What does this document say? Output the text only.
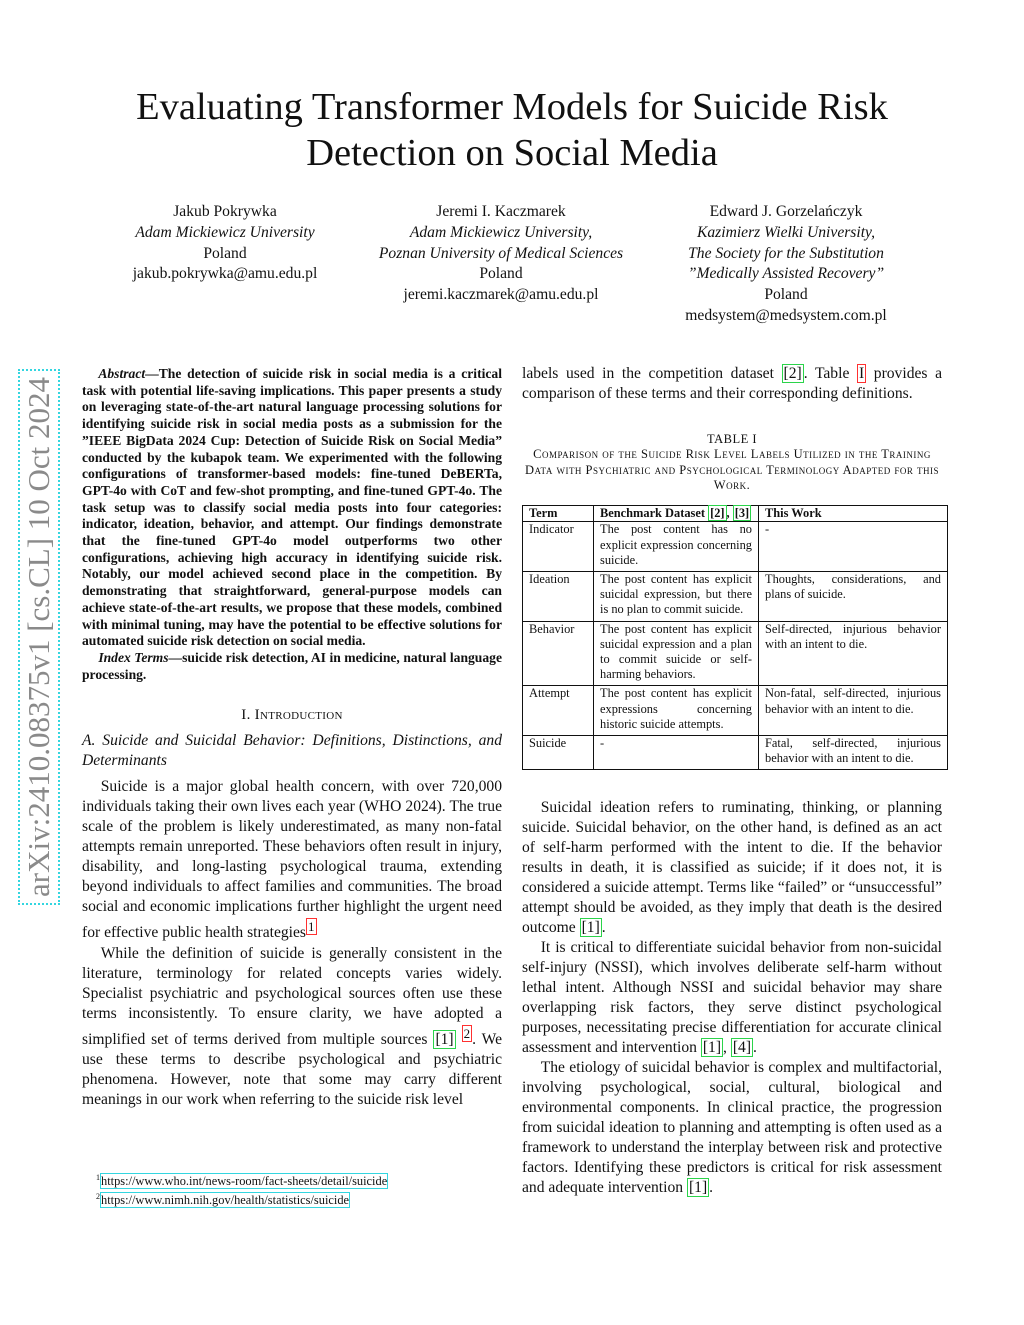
arXiv:2410.08375v1 [cs.CL] 10 Oct 2024
Evaluating Transformer Models for Suicide Risk Detection on Social Media
Jakub Pokrywka
Adam Mickiewicz University
Poland
jakub.pokrywka@amu.edu.pl
Jeremi I. Kaczmarek
Adam Mickiewicz University,
Poznan University of Medical Sciences
Poland
jeremi.kaczmarek@amu.edu.pl
Edward J. Gorzelańczyk
Kazimierz Wielki University,
The Society for the Substitution
”Medically Assisted Recovery”
Poland
medsystem@medsystem.com.pl

Abstract—The detection of suicide risk in social media is a critical task with potential life-saving implications. This paper presents a study on leveraging state-of-the-art natural language processing solutions for identifying suicide risk in social media posts as a submission for the ”IEEE BigData 2024 Cup: Detection of Suicide Risk on Social Media” conducted by the kubapok team. We experimented with the following configurations of transformer-based models: fine-tuned DeBERTa, GPT-4o with CoT and few-shot prompting, and fine-tuned GPT-4o. The task setup was to classify social media posts into four categories: indicator, ideation, behavior, and attempt. Our findings demonstrate that the fine-tuned GPT-4o model outperforms two other configurations, achieving high accuracy in identifying suicide risk. Notably, our model achieved second place in the competition. By demonstrating that straightforward, general-purpose models can achieve state-of-the-art results, we propose that these models, combined with minimal tuning, may have the potential to be effective solutions for automated suicide risk detection on social media.

Index Terms—suicide risk detection, AI in medicine, natural language processing.

I. Introduction
A. Suicide and Suicidal Behavior: Definitions, Distinctions, and Determinants

Suicide is a major global health concern, with over 720,000 individuals taking their own lives each year (WHO 2024). The true scale of the problem is likely underestimated, as many non-fatal attempts remain unreported. These behaviors often result in injury, disability, and long-lasting psychological trauma, extending beyond individuals to affect families and communities. The broad social and economic implications further highlight the urgent need for effective public health strategies $^1$

While the definition of suicide is generally consistent in the literature, terminology for related concepts varies widely. Specialist psychiatric and psychological sources often use these terms inconsistently. To ensure clarity, we have adopted a simplified set of terms derived from multiple sources [1] $^2$ . We use these terms to describe psychological and psychiatric phenomena. However, note that some may carry different meanings in our work when referring to the suicide risk level

labels used in the competition dataset [2] . Table I provides a comparison of these terms and their corresponding definitions.

TABLE I
Comparison of the Suicide Risk Level Labels Utilized in the Training Data with Psychiatric and Psychological Terminology Adapted for this Work.
Term	Benchmark Dataset [2] , [3]	This Work
Indicator	The post content has no explicit expression concerning suicide.	-
Ideation	The post content has explicit suicidal expression, but there is no plan to commit suicide.	Thoughts, considerations, and plans of suicide.
Behavior	The post content has explicit suicidal expression and a plan to commit suicide or self-harming behaviors.	Self-directed, injurious behavior with an intent to die.
Attempt	The post content has explicit expressions concerning historic suicide attempts.	Non-fatal, self-directed, injurious behavior with an intent to die.
Suicide	-	Fatal, self-directed, injurious behavior with an intent to die.

Suicidal ideation refers to ruminating, thinking, or planning suicide. Suicidal behavior, on the other hand, is defined as an act of self-harm performed with the intent to die. If the behavior results in death, it is classified as suicide; if it does not, it is considered a suicide attempt. Terms like “failed” or “unsuccessful” attempt should be avoided, as they imply that death is the desired outcome [1] .

It is critical to differentiate suicidal behavior from non-suicidal self-injury (NSSI), which involves deliberate self-harm without lethal intent. Although NSSI and suicidal behavior may share overlapping risk factors, they serve distinct psychological purposes, necessitating precise differentiation for accurate clinical assessment and intervention [1] , [4] .

The etiology of suicidal behavior is complex and multifactorial, involving psychological, social, cultural, biological and environmental components. In clinical practice, the progression from suicidal ideation to planning and attempting is often used as a framework to understand the interplay between risk and protective factors. Identifying these predictors is critical for risk assessment and adequate intervention [1] .

$^1$https://www.who.int/news-room/fact-sheets/detail/suicide
$^2$https://www.nimh.nih.gov/health/statistics/suicide
